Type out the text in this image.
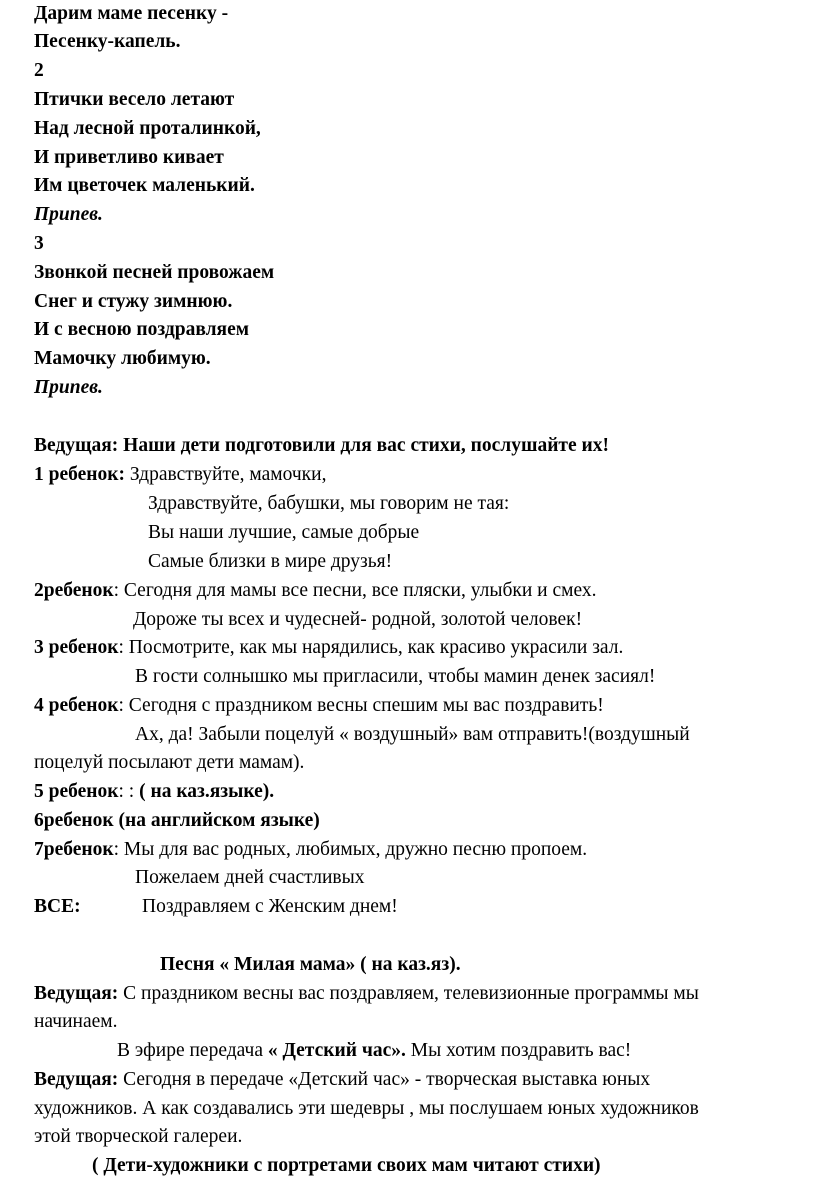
Дарим маме песенку -
Песенку-капель.
2
Птички весело летают
Над лесной проталинкой,
И приветливо кивает
Им цветочек маленький.
Припев.
3
Звонкой песней провожаем
Снег и стужу зимнюю.
И с весною поздравляем
Мамочку любимую.
Припев.
Ведущая: Наши дети подготовили для вас стихи, послушайте их!
1 ребенок: Здравствуйте, мамочки,
Здравствуйте, бабушки, мы говорим не тая:
Вы наши лучшие, самые добрые
Самые близки в мире друзья!
2ребенок: Сегодня для мамы все песни, все пляски, улыбки и смех.
Дороже ты всех и чудесней- родной, золотой человек!
3 ребенок: Посмотрите, как мы нарядились, как красиво украсили зал.
В гости солнышко мы пригласили, чтобы мамин денек засиял!
4 ребенок: Сегодня с праздником весны спешим мы вас поздравить!
Ах, да! Забыли поцелуй « воздушный» вам отправить!(воздушный
поцелуй посылают дети мамам).
5 ребенок: : ( на каз.языке).
6ребенок (на английском языке)
7ребенок: Мы для вас родных, любимых, дружно песню пропоем.
Пожелаем дней счастливых
ВСЕ:	Поздравляем с Женским днем!
Песня « Милая мама» ( на каз.яз).
Ведущая: С праздником весны вас поздравляем, телевизионные программы мы
начинаем.
В эфире передача « Детский час». Мы хотим поздравить вас!
Ведущая: Сегодня в передаче «Детский час» - творческая выставка юных
художников. А как создавались эти шедевры , мы послушаем юных художников
этой творческой галереи.
( Дети-художники с портретами своих мам читают стихи)
